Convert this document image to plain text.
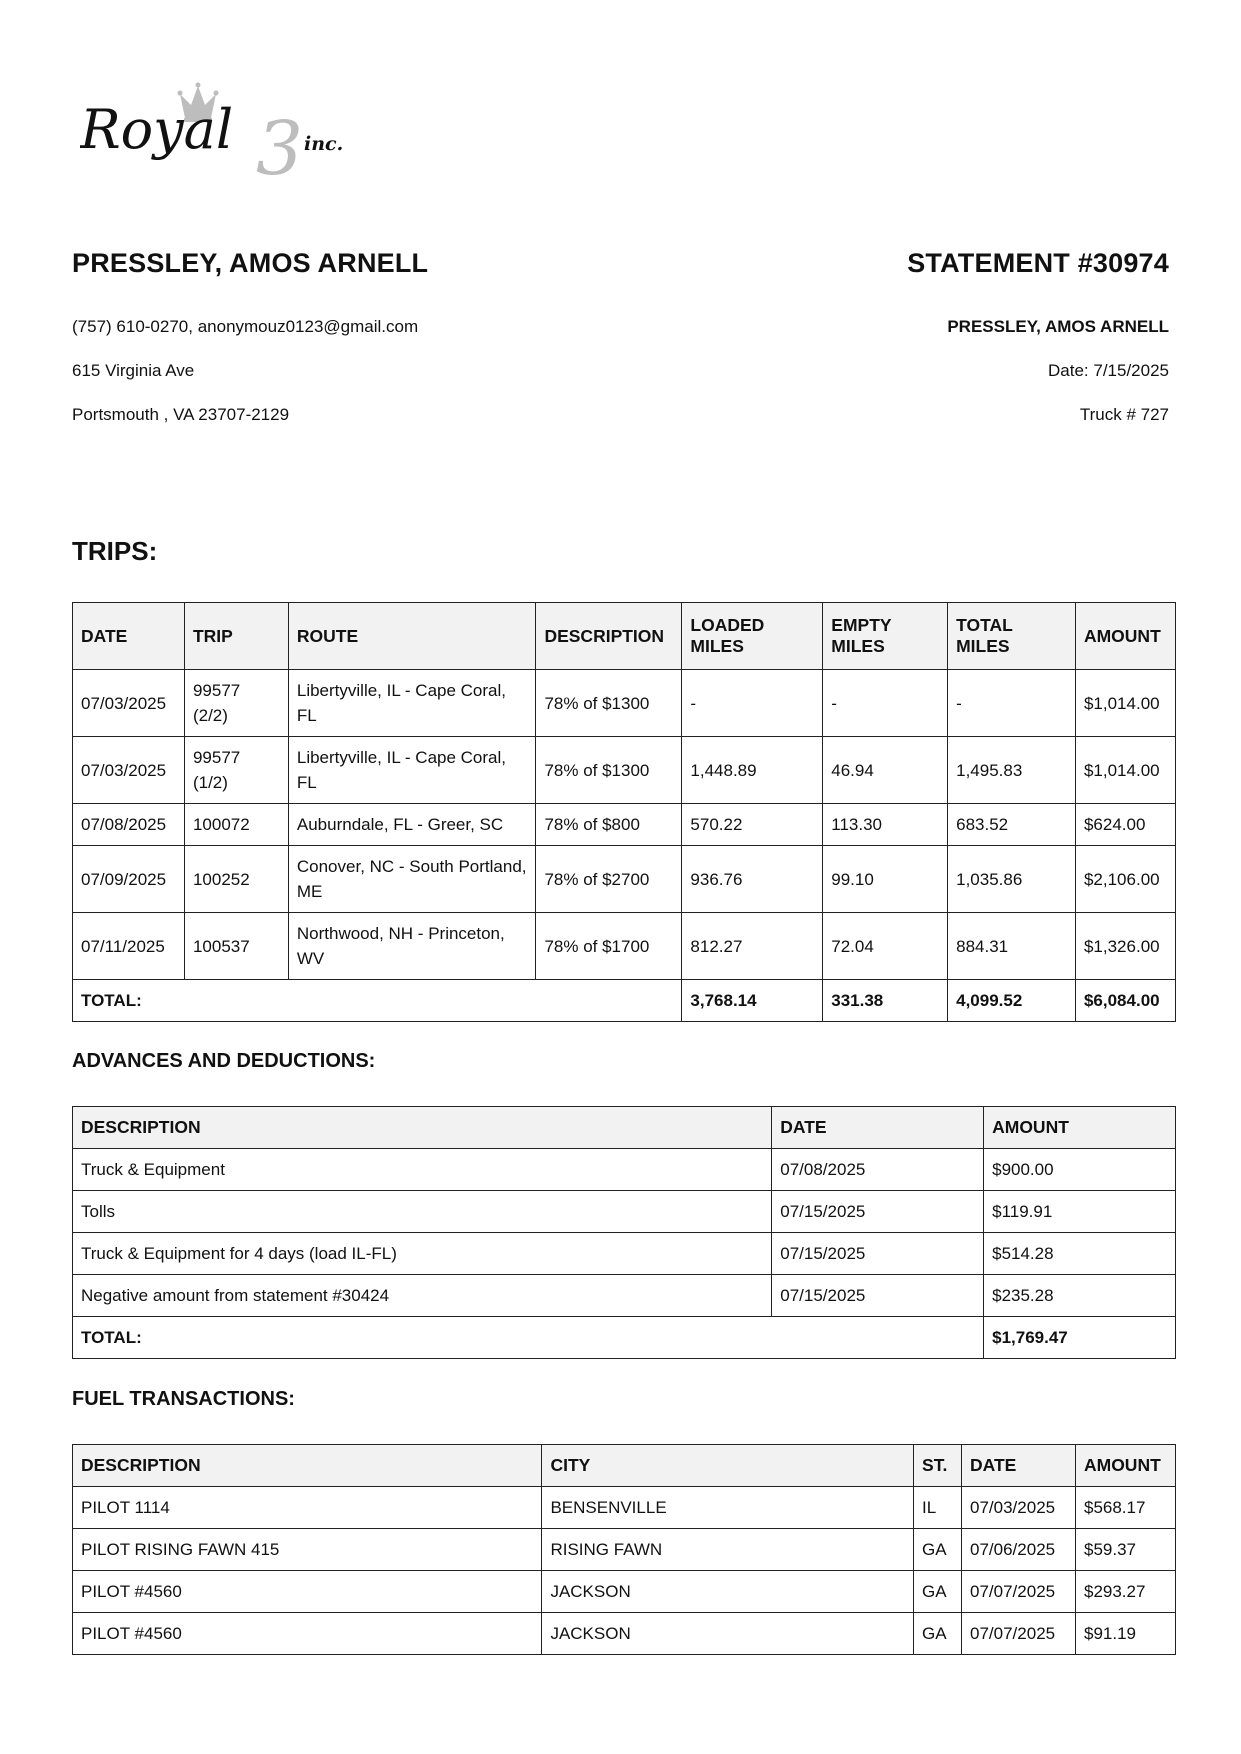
Royal 3 inc.
PRESSLEY, AMOS ARNELL
(757) 610-0270, anonymouz0123@gmail.com
615 Virginia Ave
Portsmouth , VA 23707-2129
STATEMENT #30974
PRESSLEY, AMOS ARNELL
Date: 7/15/2025
Truck # 727
TRIPS:
DATE	TRIP	ROUTE	DESCRIPTION	LOADED MILES	EMPTY MILES	TOTAL MILES	AMOUNT
07/03/2025	99577 (2/2)	Libertyville, IL - Cape Coral, FL	78% of $1300	-	-	-	$1,014.00
07/03/2025	99577 (1/2)	Libertyville, IL - Cape Coral, FL	78% of $1300	1,448.89	46.94	1,495.83	$1,014.00
07/08/2025	100072	Auburndale, FL - Greer, SC	78% of $800	570.22	113.30	683.52	$624.00
07/09/2025	100252	Conover, NC - South Portland, ME	78% of $2700	936.76	99.10	1,035.86	$2,106.00
07/11/2025	100537	Northwood, NH - Princeton, WV	78% of $1700	812.27	72.04	884.31	$1,326.00
TOTAL:				3,768.14	331.38	4,099.52	$6,084.00
ADVANCES AND DEDUCTIONS:
DESCRIPTION	DATE	AMOUNT
Truck & Equipment	07/08/2025	$900.00
Tolls	07/15/2025	$119.91
Truck & Equipment for 4 days (load IL-FL)	07/15/2025	$514.28
Negative amount from statement #30424	07/15/2025	$235.28
TOTAL:		$1,769.47
FUEL TRANSACTIONS:
DESCRIPTION	CITY	ST.	DATE	AMOUNT
PILOT 1114	BENSENVILLE	IL	07/03/2025	$568.17
PILOT RISING FAWN 415	RISING FAWN	GA	07/06/2025	$59.37
PILOT #4560	JACKSON	GA	07/07/2025	$293.27
PILOT #4560	JACKSON	GA	07/07/2025	$91.19
